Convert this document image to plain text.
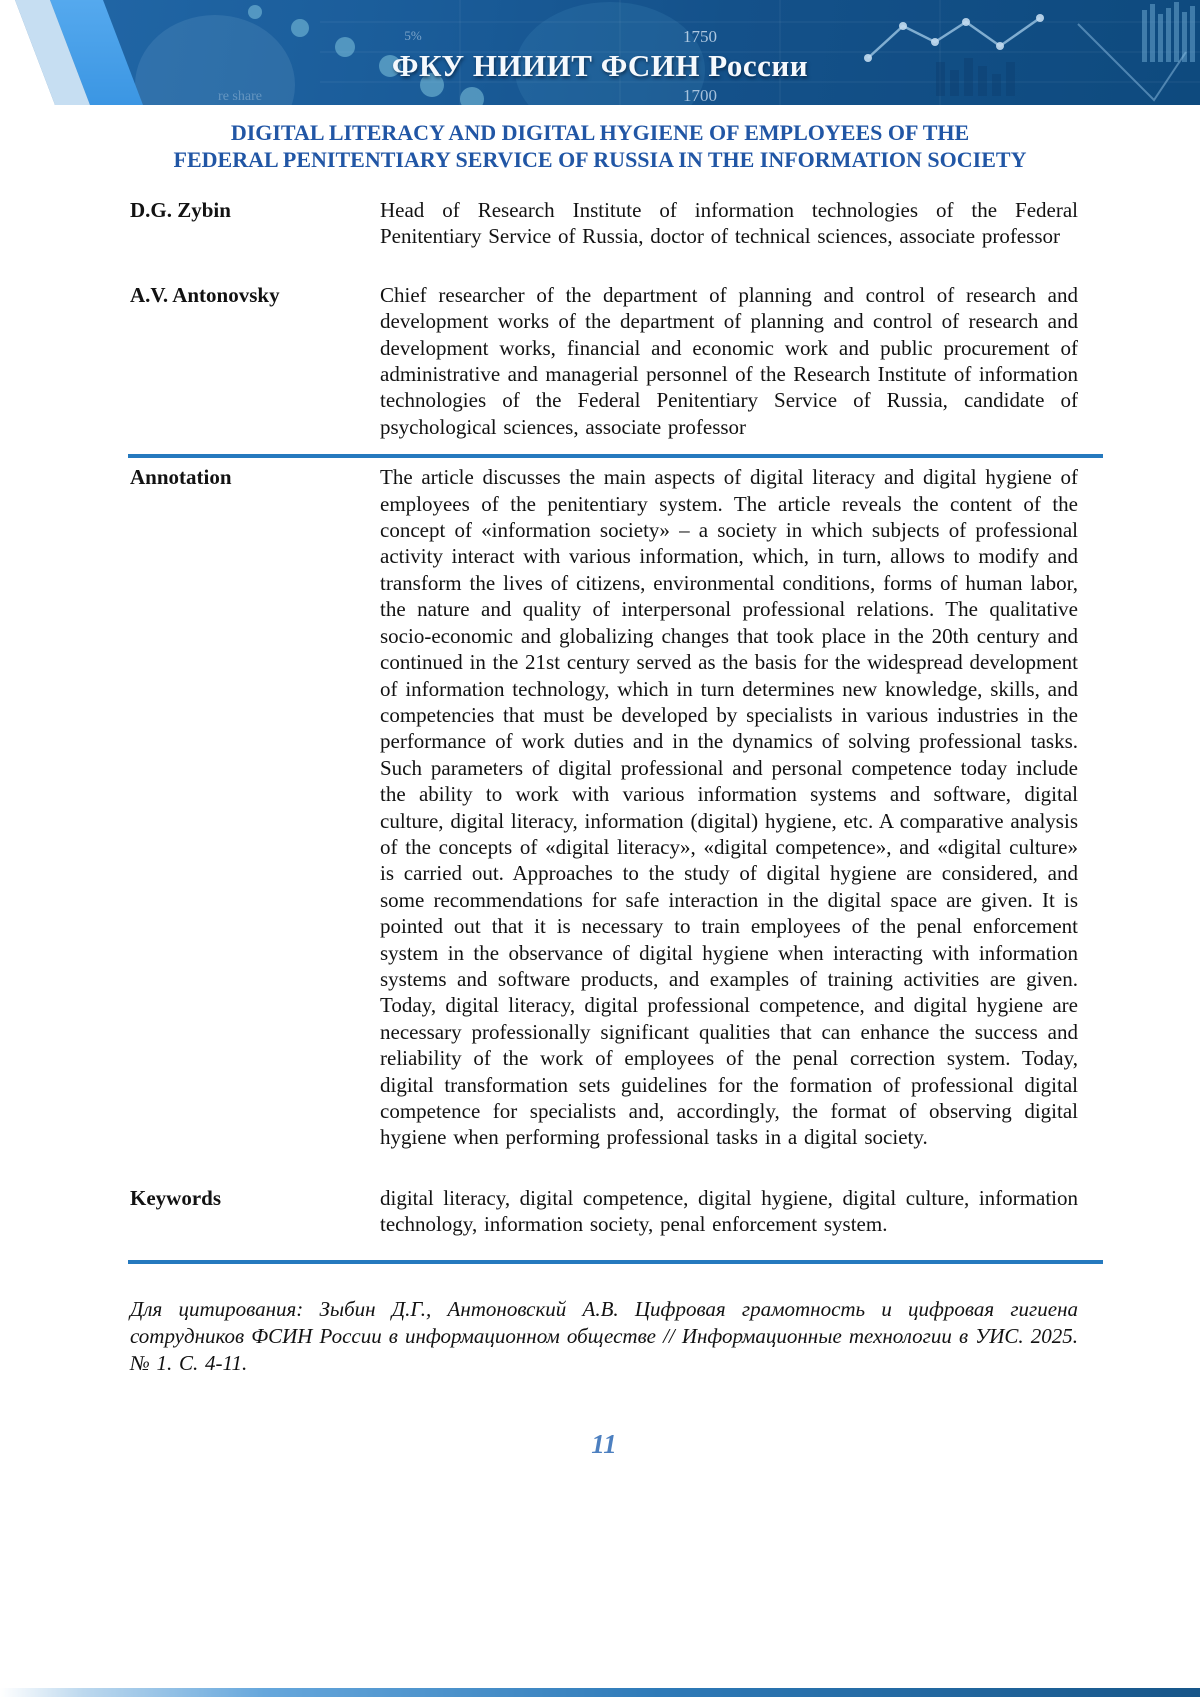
1750
1700
5%
re share
ФКУ НИИИТ ФСИН России
DIGITAL LITERACY AND DIGITAL HYGIENE OF EMPLOYEES OF THE
FEDERAL PENITENTIARY SERVICE OF RUSSIA IN THE INFORMATION SOCIETY
D.G. Zybin	Head of Research Institute of information technologies of the Federal Penitentiary Service of Russia, doctor of technical sciences, associate professor
A.V. Antonovsky	Chief researcher of the department of planning and control of research and development works of the department of planning and control of research and development works, financial and economic work and public procurement of administrative and managerial personnel of the Research Institute of information technologies of the Federal Penitentiary Service of Russia, candidate of psychological sciences, associate professor
Annotation	The article discusses the main aspects of digital literacy and digital hygiene of employees of the penitentiary system. The article reveals the content of the concept of «information society» – a society in which subjects of professional activity interact with various information, which, in turn, allows to modify and transform the lives of citizens, environmental conditions, forms of human labor, the nature and quality of interpersonal professional relations. The qualitative socio-economic and globalizing changes that took place in the 20th century and continued in the 21st century served as the basis for the widespread development of information technology, which in turn determines new knowledge, skills, and competencies that must be developed by specialists in various industries in the performance of work duties and in the dynamics of solving professional tasks. Such parameters of digital professional and personal competence today include the ability to work with various information systems and software, digital culture, digital literacy, information (digital) hygiene, etc. A comparative analysis of the concepts of «digital literacy», «digital competence», and «digital culture» is carried out. Approaches to the study of digital hygiene are considered, and some recommendations for safe interaction in the digital space are given. It is pointed out that it is necessary to train employees of the penal enforcement system in the observance of digital hygiene when interacting with information systems and software products, and examples of training activities are given. Today, digital literacy, digital professional competence, and digital hygiene are necessary professionally significant qualities that can enhance the success and reliability of the work of employees of the penal correction system. Today, digital transformation sets guidelines for the formation of professional digital competence for specialists and, accordingly, the format of observing digital hygiene when performing professional tasks in a digital society.
Keywords	digital literacy, digital competence, digital hygiene, digital culture, information technology, information society, penal enforcement system.

Для цитирования: Зыбин Д.Г., Антоновский А.В. Цифровая грамотность и цифровая гигиена сотрудников ФСИН России в информационном обществе // Информационные технологии в УИС. 2025. № 1. С. 4-11.

11
